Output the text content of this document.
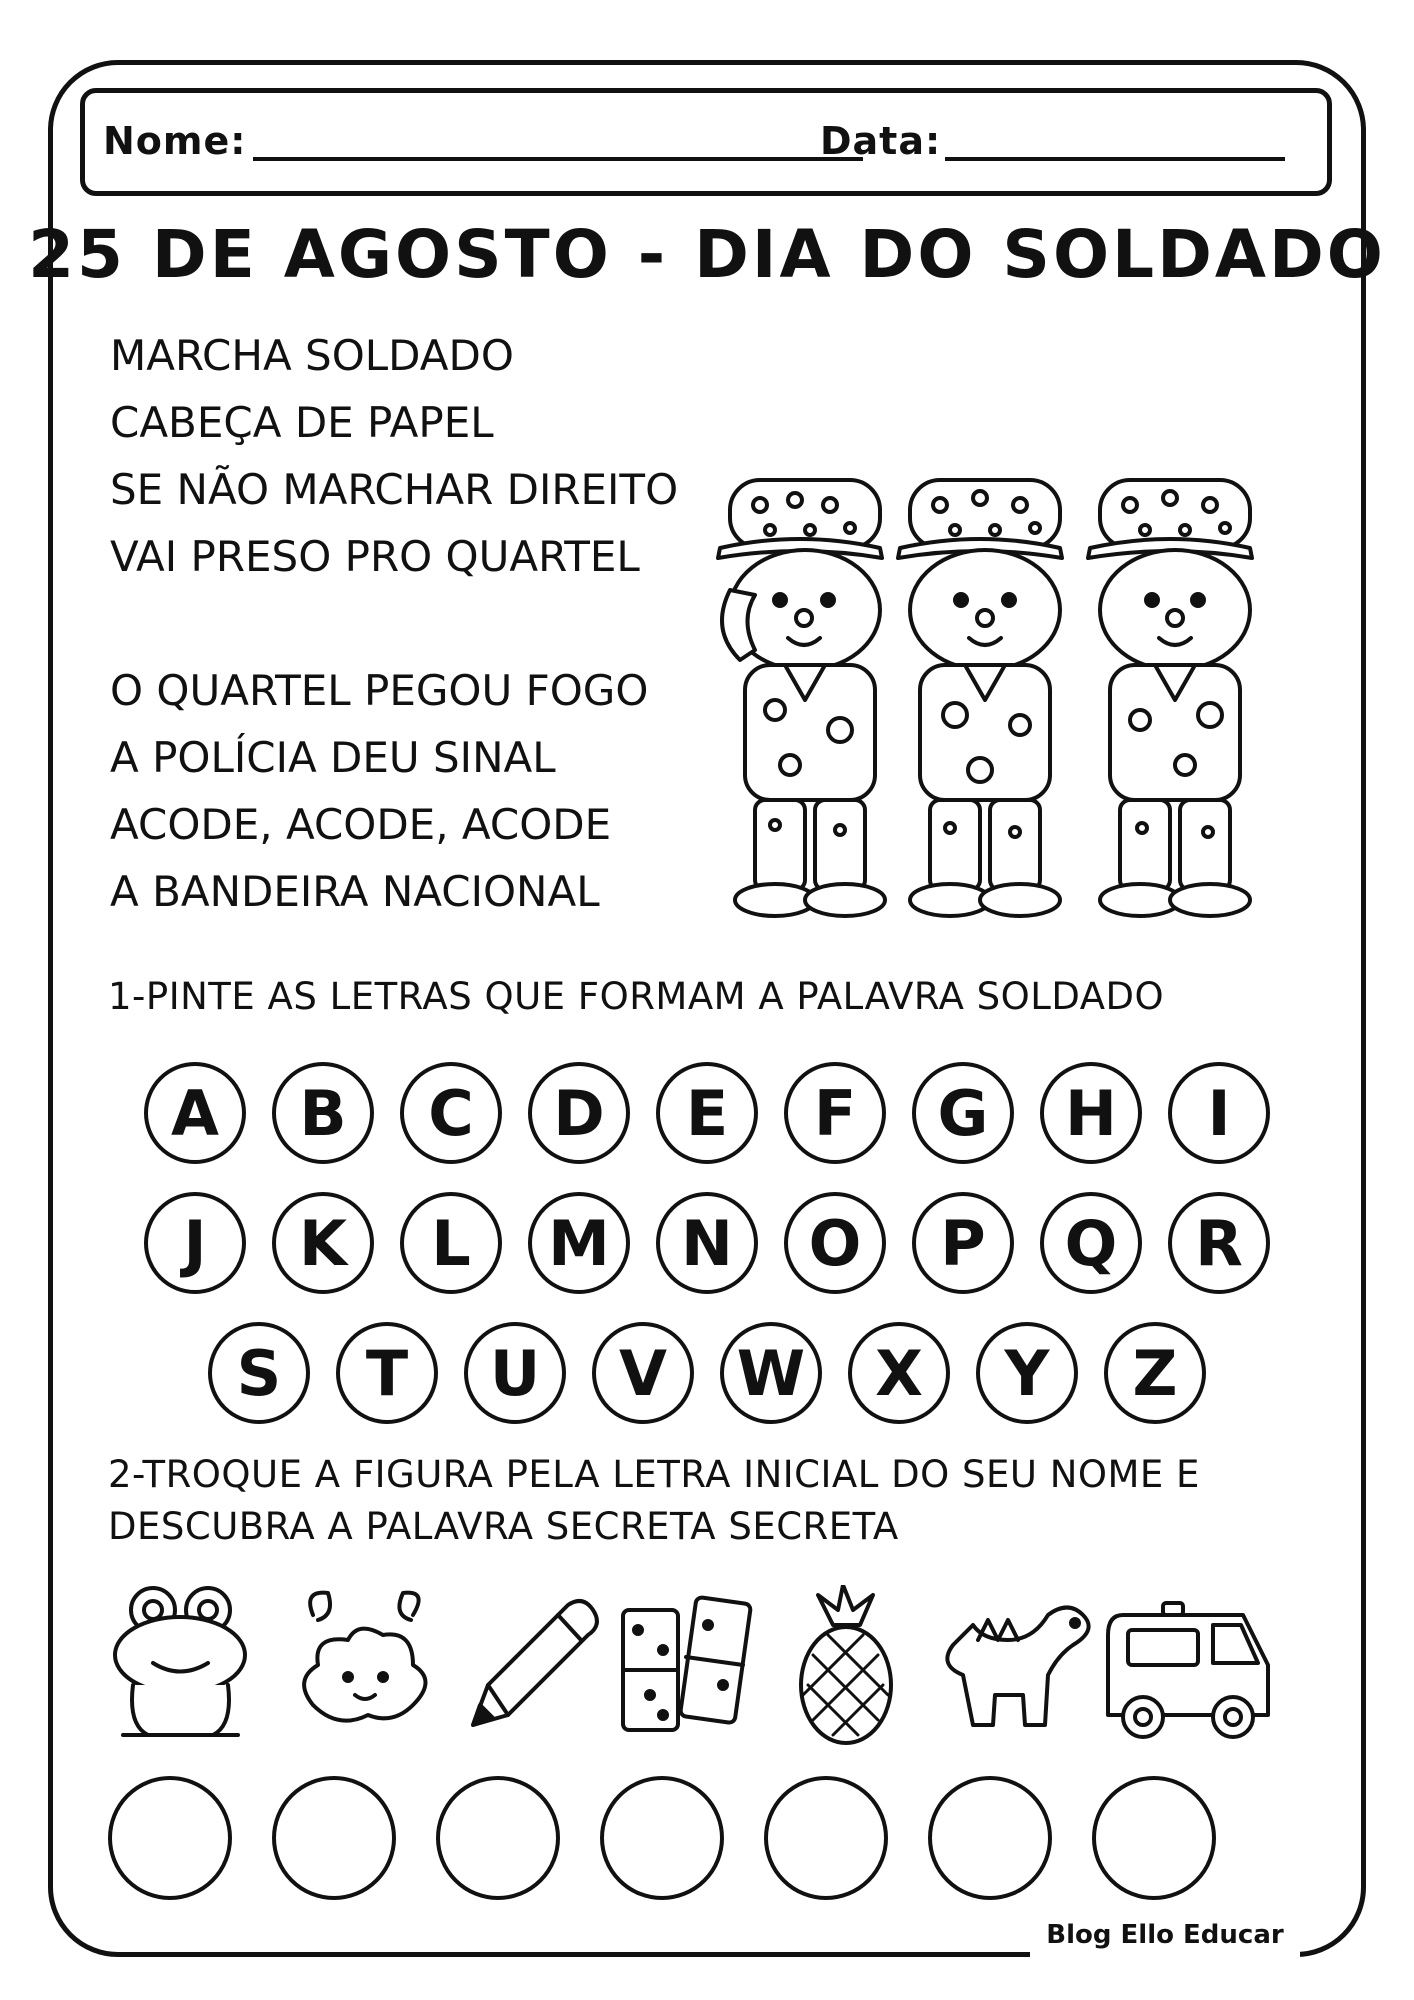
Nome:	Data:
25 DE AGOSTO - DIA DO SOLDADO
MARCHA SOLDADO
CABEÇA DE PAPEL
SE NÃO MARCHAR DIREITO
VAI PRESO PRO QUARTEL
O QUARTEL PEGOU FOGO
A POLÍCIA DEU SINAL
ACODE, ACODE, ACODE
A BANDEIRA NACIONAL
1-PINTE AS LETRAS QUE FORMAM A PALAVRA SOLDADO
A	B	C	D	E	F	G	H	I
J	K	L	M	N	O	P	Q	R
S	T	U	V	W	X	Y	Z
2-TROQUE A FIGURA PELA LETRA INICIAL DO SEU NOME E
DESCUBRA A PALAVRA SECRETA SECRETA
Blog Ello Educar
